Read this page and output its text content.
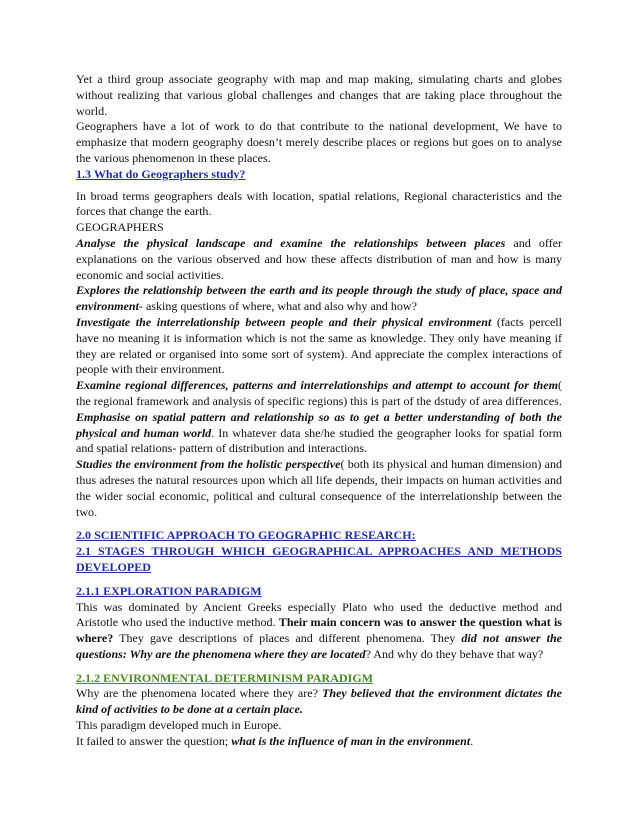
Yet a third group associate geography with map and map making, simulating charts and globes without realizing that various global challenges and changes that are taking place throughout the world.

Geographers have a lot of work to do that contribute to the national development, We have to emphasize that modern geography doesn’t merely describe places or regions but goes on to analyse the various phenomenon in these places.

1.3 What do Geographers study?

In broad terms geographers deals with location, spatial relations, Regional characteristics and the forces that change the earth.

GEOGRAPHERS

Analyse the physical landscape and examine the relationships between places and offer explanations on the various observed and how these affects distribution of man and how is many economic and social activities.

Explores the relationship between the earth and its people through the study of place, space and environment- asking questions of where, what and also why and how?

Investigate the interrelationship between people and their physical environment (facts percell have no meaning it is information which is not the same as knowledge. They only have meaning if they are related or organised into some sort of system). And appreciate the complex interactions of people with their environment.

Examine regional differences, patterns and interrelationships and attempt to account for them( the regional framework and analysis of specific regions) this is part of the dstudy of area differences.

Emphasise on spatial pattern and relationship so as to get a better understanding of both the physical and human world. In whatever data she/he studied the geographer looks for spatial form and spatial relations- pattern of distribution and interactions.

Studies the environment from the holistic perspective( both its physical and human dimension) and thus adreses the natural resources upon which all life depends, their impacts on human activities and the wider social economic, political and cultural consequence of the interrelationship between the two.

2.0 SCIENTIFIC APPROACH TO GEOGRAPHIC RESEARCH:

2.1 STAGES THROUGH WHICH GEOGRAPHICAL APPROACHES AND METHODS DEVELOPED

2.1.1 EXPLORATION PARADIGM

This was dominated by Ancient Greeks especially Plato who used the deductive method and Aristotle who used the inductive method. Their main concern was to answer the question what is where? They gave descriptions of places and different phenomena. They did not answer the questions: Why are the phenomena where they are located? And why do they behave that way?

2.1.2 ENVIRONMENTAL DETERMINISM PARADIGM

Why are the phenomena located where they are? They believed that the environment dictates the kind of activities to be done at a certain place.

This paradigm developed much in Europe.

It failed to answer the question; what is the influence of man in the environment.
